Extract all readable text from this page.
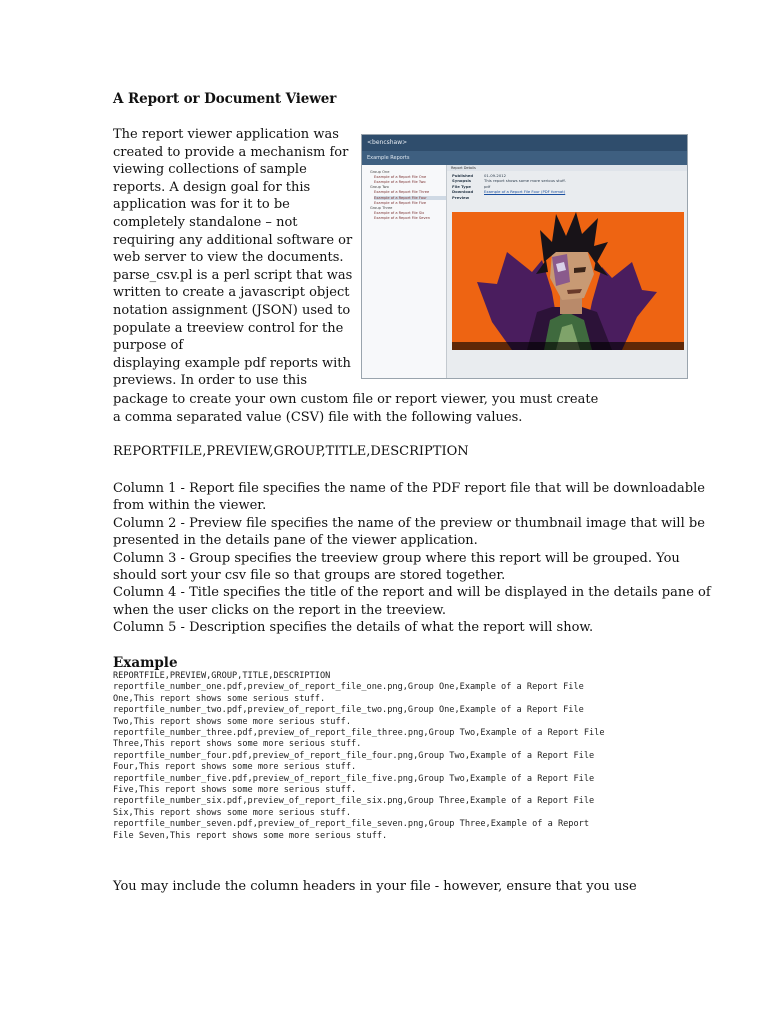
A Report or Document Viewer
The report viewer application was
created to provide a mechanism for
viewing collections of sample
reports. A design goal for this
application was for it to be
completely standalone – not
requiring any additional software or
web server to view the documents.
parse_csv.pl is a perl script that was
written to create a javascript object
notation assignment (JSON) used to
populate a treeview control for the
purpose of
displaying example pdf reports with
previews. In order to use this
package to create your own custom file or report viewer, you must create
a comma separated value (CSV) file with the following values.
REPORTFILE,PREVIEW,GROUP,TITLE,DESCRIPTION
Column 1 - Report file specifies the name of the PDF report file that will be downloadable
from within the viewer.
Column 2 - Preview file specifies the name of the preview or thumbnail image that will be
presented in the details pane of the viewer application.
Column 3 - Group specifies the treeview group where this report will be grouped. You
should sort your csv file so that groups are stored together.
Column 4 - Title specifies the title of the report and will be displayed in the details pane of
when the user clicks on the report in the treeview.
Column 5 - Description specifies the details of what the report will show.
Example
REPORTFILE,PREVIEW,GROUP,TITLE,DESCRIPTION
reportfile_number_one.pdf,preview_of_report_file_one.png,Group One,Example of a Report File
One,This report shows some serious stuff.
reportfile_number_two.pdf,preview_of_report_file_two.png,Group One,Example of a Report File
Two,This report shows some more serious stuff.
reportfile_number_three.pdf,preview_of_report_file_three.png,Group Two,Example of a Report File
Three,This report shows some more serious stuff.
reportfile_number_four.pdf,preview_of_report_file_four.png,Group Two,Example of a Report File
Four,This report shows some more serious stuff.
reportfile_number_five.pdf,preview_of_report_file_five.png,Group Two,Example of a Report File
Five,This report shows some more serious stuff.
reportfile_number_six.pdf,preview_of_report_file_six.png,Group Three,Example of a Report File
Six,This report shows some more serious stuff.
reportfile_number_seven.pdf,preview_of_report_file_seven.png,Group Three,Example of a Report
File Seven,This report shows some more serious stuff.
You may include the column headers in your file - however, ensure that you use
<bencshaw>
Example Reports
Group One
Example of a Report File One
Example of a Report File Two
Group Two
Example of a Report File Three
Example of a Report File Four
Example of a Report File Five
Group Three
Example of a Report File Six
Example of a Report File Seven
Report Details
Published	01-09-2012
Synopsis	This report shows some more serious stuff.
File Type	pdf
Download	Example of a Report File Four (PDF format)
Preview
